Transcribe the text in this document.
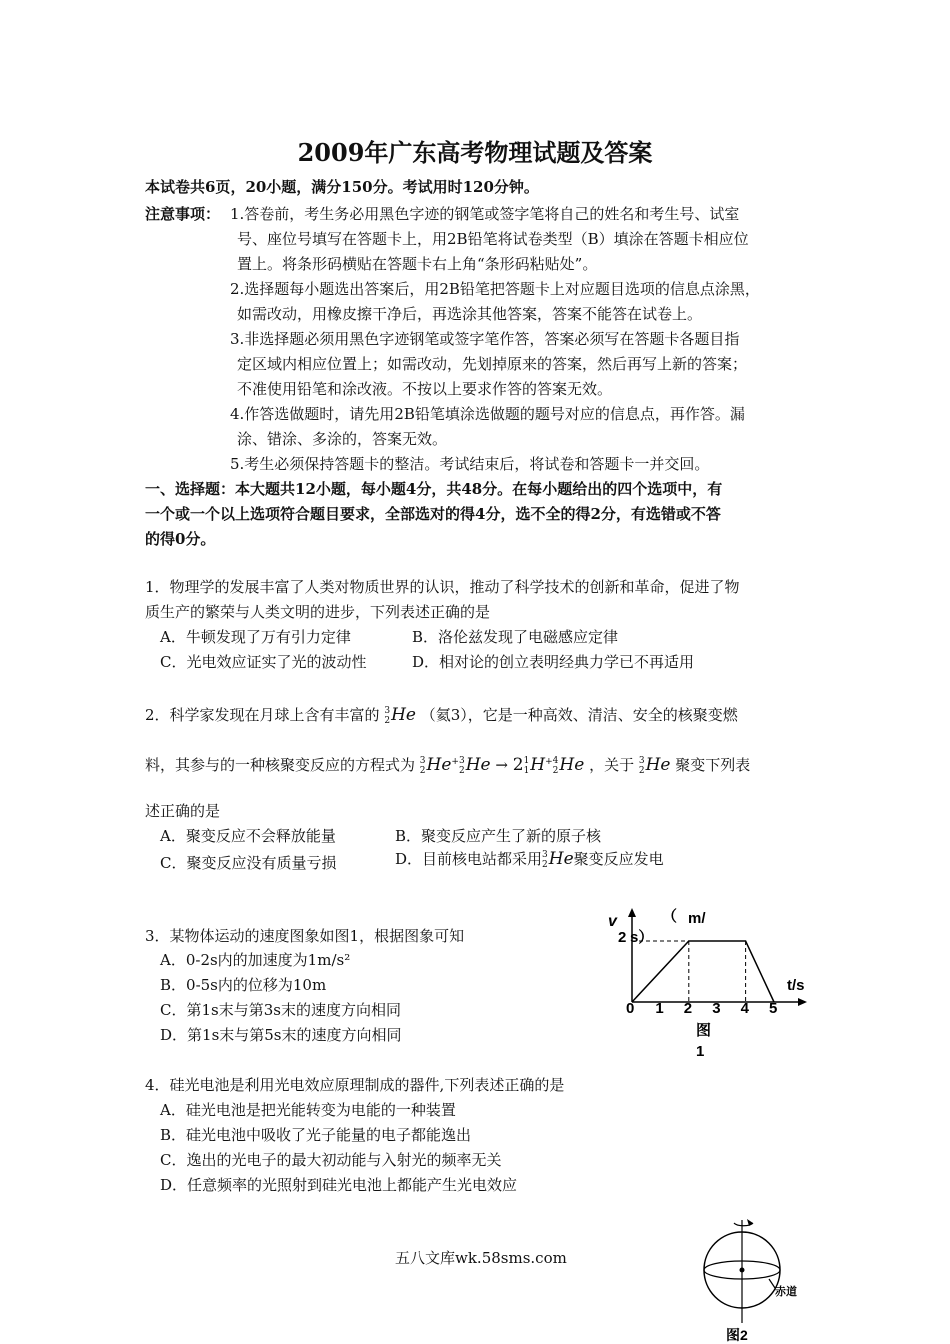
2009年广东高考物理试题及答案
本试卷共6页，20小题，满分150分。考试用时120分钟。
注意事项： 1.答卷前，考生务必用黑色字迹的钢笔或签字笔将自己的姓名和考生号、试室
号、座位号填写在答题卡上，用2B铅笔将试卷类型（B）填涂在答题卡相应位
置上。将条形码横贴在答题卡右上角“条形码粘贴处”。
2.选择题每小题选出答案后，用2B铅笔把答题卡上对应题目选项的信息点涂黑，
如需改动，用橡皮擦干净后，再选涂其他答案，答案不能答在试卷上。
3.非选择题必须用黑色字迹钢笔或签字笔作答，答案必须写在答题卡各题目指
定区域内相应位置上；如需改动，先划掉原来的答案，然后再写上新的答案；
不准使用铅笔和涂改液。不按以上要求作答的答案无效。
4.作答选做题时，请先用2B铅笔填涂选做题的题号对应的信息点，再作答。漏
涂、错涂、多涂的，答案无效。
5.考生必须保持答题卡的整洁。考试结束后，将试卷和答题卡一并交回。
一、选择题：本大题共12小题，每小题4分，共48分。在每小题给出的四个选项中，有
一个或一个以上选项符合题目要求，全部选对的得4分，选不全的得2分，有选错或不答
的得0分。
1．物理学的发展丰富了人类对物质世界的认识，推动了科学技术的创新和革命，促进了物
质生产的繁荣与人类文明的进步，下列表述正确的是
A．牛顿发现了万有引力定律	B．洛伦兹发现了电磁感应定律
C．光电效应证实了光的波动性	D．相对论的创立表明经典力学已不再适用
2．科学家发现在月球上含有丰富的 3
2He （氦3），它是一种高效、清洁、安全的核聚变燃
料，其参与的一种核聚变反应的方程式为 3
2He+3
2He → 21
1H+4
2He ，关于 3
2He 聚变下列表
述正确的是
A．聚变反应不会释放能量	B．聚变反应产生了新的原子核
C．聚变反应没有质量亏损	D．目前核电站都采用3
2He聚变反应发电
3．某物体运动的速度图象如图1，根据图象可知
A．0-2s内的加速度为1m/s²
B．0-5s内的位移为10m
C．第1s末与第3s末的速度方向相同
D．第1s末与第5s末的速度方向相同
0 1 2 3 4 5
2
v	（ m/
s）
t/s
图
1
4．硅光电池是利用光电效应原理制成的器件,下列表述正确的是
A．硅光电池是把光能转变为电能的一种装置
B．硅光电池中吸收了光子能量的电子都能逸出
C．逸出的光电子的最大初动能与入射光的频率无关
D．任意频率的光照射到硅光电池上都能产生光电效应
五八文库wk.58sms.com
赤道
图2
